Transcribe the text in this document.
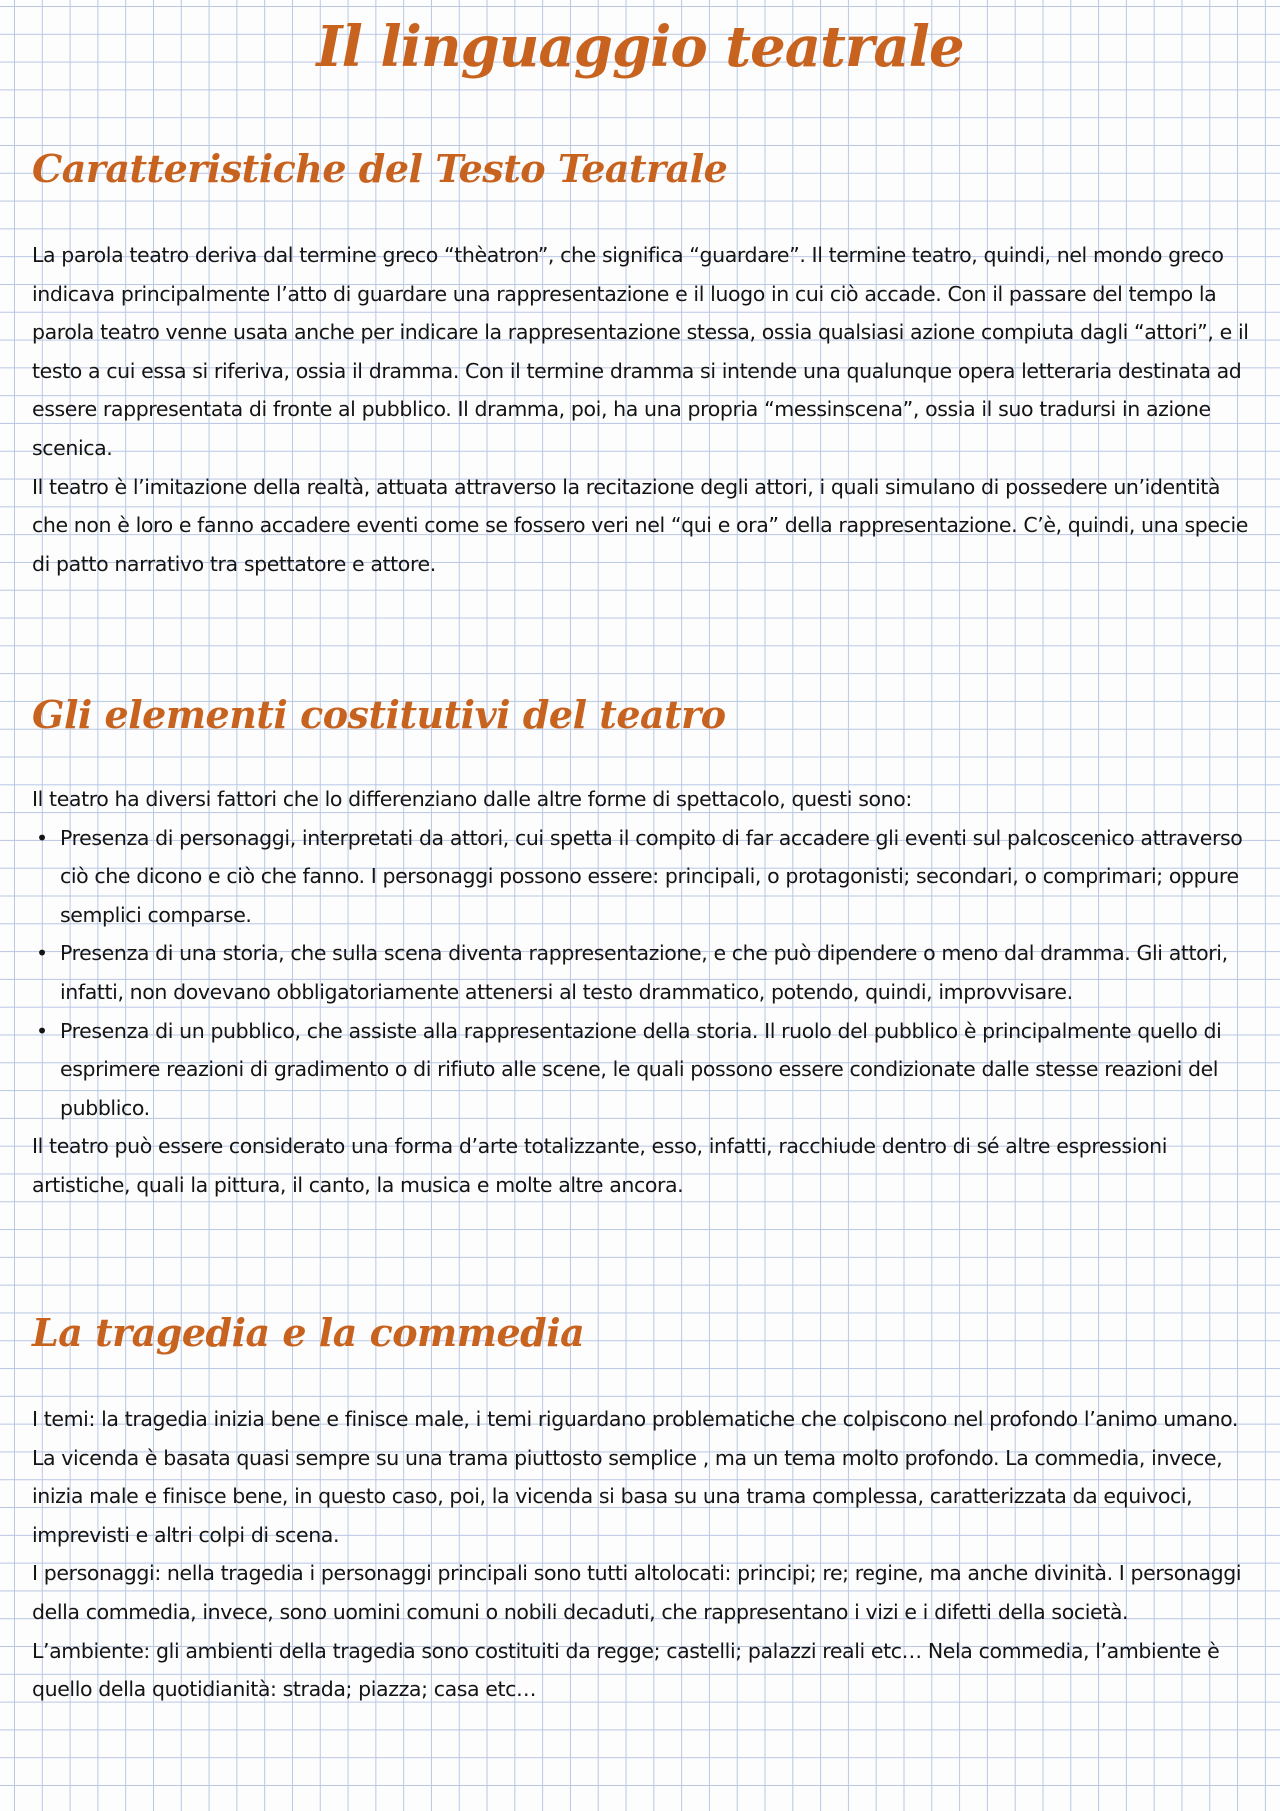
Il linguaggio teatrale
Caratteristiche del Testo Teatrale

La parola teatro deriva dal termine greco “thèatron”, che significa “guardare”. Il termine teatro, quindi, nel mondo greco indicava principalmente l’atto di guardare una rappresentazione e il luogo in cui ciò accade. Con il passare del tempo la parola teatro venne usata anche per indicare la rappresentazione stessa, ossia qualsiasi azione compiuta dagli “attori”, e il testo a cui essa si riferiva, ossia il dramma. Con il termine dramma si intende una qualunque opera letteraria destinata ad essere rappresentata di fronte al pubblico. Il dramma, poi, ha una propria “messinscena”, ossia il suo tradursi in azione scenica.

Il teatro è l’imitazione della realtà, attuata attraverso la recitazione degli attori, i quali simulano di possedere un’identità che non è loro e fanno accadere eventi come se fossero veri nel “qui e ora” della rappresentazione. C’è, quindi, una specie di patto narrativo tra spettatore e attore.

Gli elementi costitutivi del teatro

Il teatro ha diversi fattori che lo differenziano dalle altre forme di spettacolo, questi sono:

• Presenza di personaggi, interpretati da attori, cui spetta il compito di far accadere gli eventi sul palcoscenico attraverso ciò che dicono e ciò che fanno. I personaggi possono essere: principali, o protagonisti; secondari, o comprimari; oppure semplici comparse.
• Presenza di una storia, che sulla scena diventa rappresentazione, e che può dipendere o meno dal dramma. Gli attori, infatti, non dovevano obbligatoriamente attenersi al testo drammatico, potendo, quindi, improvvisare.
• Presenza di un pubblico, che assiste alla rappresentazione della storia. Il ruolo del pubblico è principalmente quello di esprimere reazioni di gradimento o di rifiuto alle scene, le quali possono essere condizionate dalle stesse reazioni del pubblico.

Il teatro può essere considerato una forma d’arte totalizzante, esso, infatti, racchiude dentro di sé altre espressioni artistiche, quali la pittura, il canto, la musica e molte altre ancora.

La tragedia e la commedia

I temi: la tragedia inizia bene e finisce male, i temi riguardano problematiche che colpiscono nel profondo l’animo umano. La vicenda è basata quasi sempre su una trama piuttosto semplice , ma un tema molto profondo. La commedia, invece, inizia male e finisce bene, in questo caso, poi, la vicenda si basa su una trama complessa, caratterizzata da equivoci, imprevisti e altri colpi di scena.

I personaggi: nella tragedia i personaggi principali sono tutti altolocati: principi; re; regine, ma anche divinità. I personaggi della commedia, invece, sono uomini comuni o nobili decaduti, che rappresentano i vizi e i difetti della società.

L’ambiente: gli ambienti della tragedia sono costituiti da regge; castelli; palazzi reali etc… Nela commedia, l’ambiente è quello della quotidianità: strada; piazza; casa etc…
